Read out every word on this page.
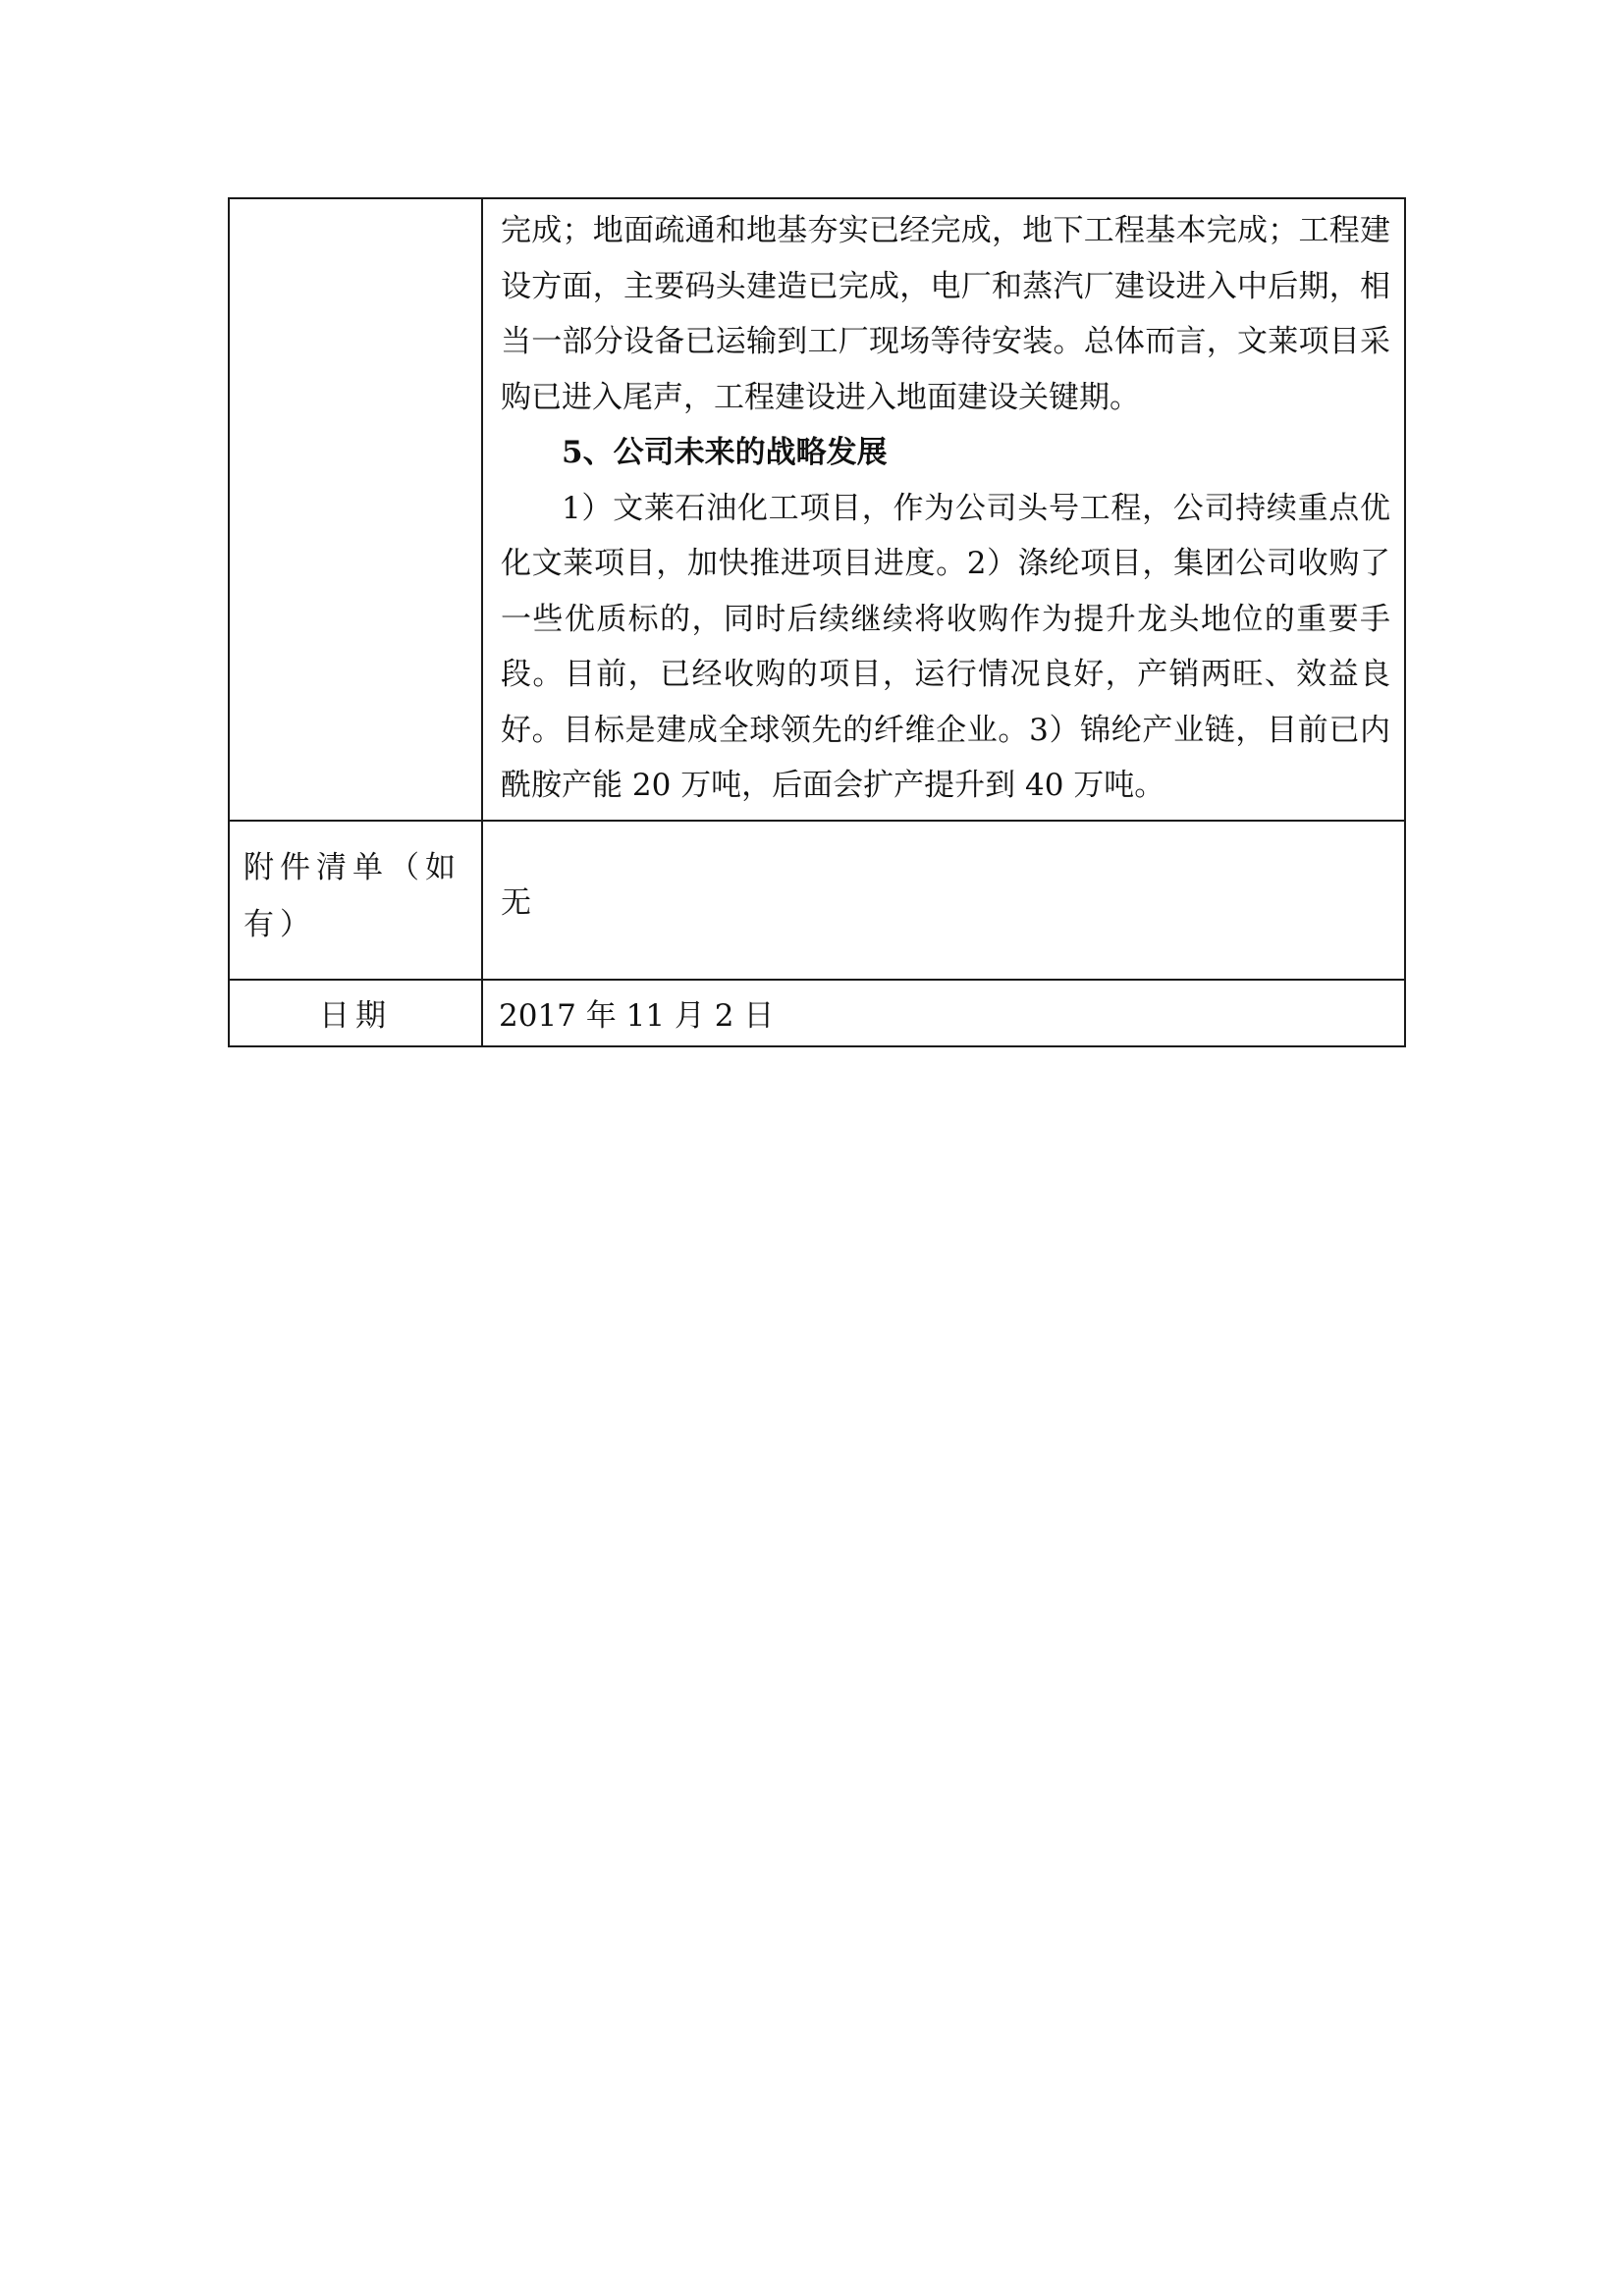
	完成；地面疏通和地基夯实已经完成，地下工程基本完成；工程建设方面，主要码头建造已完成，电厂和蒸汽厂建设进入中后期，相当一部分设备已运输到工厂现场等待安装。总体而言，文莱项目采购已进入尾声，工程建设进入地面建设关键期。

5、公司未来的战略发展

1）文莱石油化工项目，作为公司头号工程，公司持续重点优化文莱项目，加快推进项目进度。2）涤纶项目，集团公司收购了一些优质标的，同时后续继续将收购作为提升龙头地位的重要手段。目前，已经收购的项目，运行情况良好，产销两旺、效益良好。目标是建成全球领先的纤维企业。3）锦纶产业链，目前已内酰胺产能 20 万吨，后面会扩产提升到 40 万吨。

附件清单（如有）	无
日期	2017 年 11 月 2 日
